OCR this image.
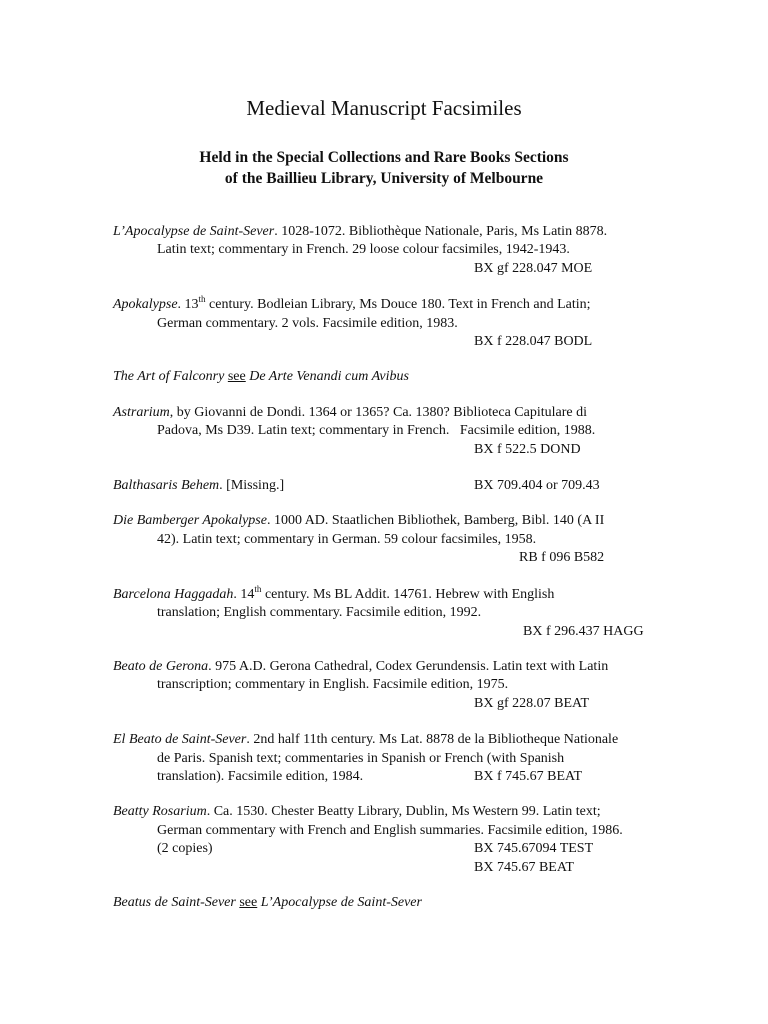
Medieval Manuscript Facsimiles
Held in the Special Collections and Rare Books Sections
of the Baillieu Library, University of Melbourne
L’Apocalypse de Saint-Sever. 1028-1072. Bibliothèque Nationale, Paris, Ms Latin 8878.
Latin text; commentary in French. 29 loose colour facsimiles, 1942-1943.
BX gf 228.047 MOE
Apokalypse. 13th century. Bodleian Library, Ms Douce 180. Text in French and Latin;
German commentary. 2 vols. Facsimile edition, 1983.
BX f 228.047 BODL
The Art of Falconry see De Arte Venandi cum Avibus
Astrarium, by Giovanni de Dondi. 1364 or 1365? Ca. 1380? Biblioteca Capitulare di
Padova, Ms D39. Latin text; commentary in French.   Facsimile edition, 1988.
BX f 522.5 DOND
Balthasaris Behem. [Missing.]	BX 709.404 or 709.43
Die Bamberger Apokalypse. 1000 AD. Staatlichen Bibliothek, Bamberg, Bibl. 140 (A II
42). Latin text; commentary in German. 59 colour facsimiles, 1958.
RB f 096 B582
Barcelona Haggadah. 14th century. Ms BL Addit. 14761. Hebrew with English
translation; English commentary. Facsimile edition, 1992.
BX f 296.437 HAGG
Beato de Gerona. 975 A.D. Gerona Cathedral, Codex Gerundensis. Latin text with Latin
transcription; commentary in English. Facsimile edition, 1975.
BX gf 228.07 BEAT
El Beato de Saint-Sever. 2nd half 11th century. Ms Lat. 8878 de la Bibliotheque Nationale
de Paris. Spanish text; commentaries in Spanish or French (with Spanish
translation). Facsimile edition, 1984.	BX f 745.67 BEAT
Beatty Rosarium. Ca. 1530. Chester Beatty Library, Dublin, Ms Western 99. Latin text;
German commentary with French and English summaries. Facsimile edition, 1986.
(2 copies)	BX 745.67094 TEST
BX 745.67 BEAT
Beatus de Saint-Sever see L’Apocalypse de Saint-Sever
